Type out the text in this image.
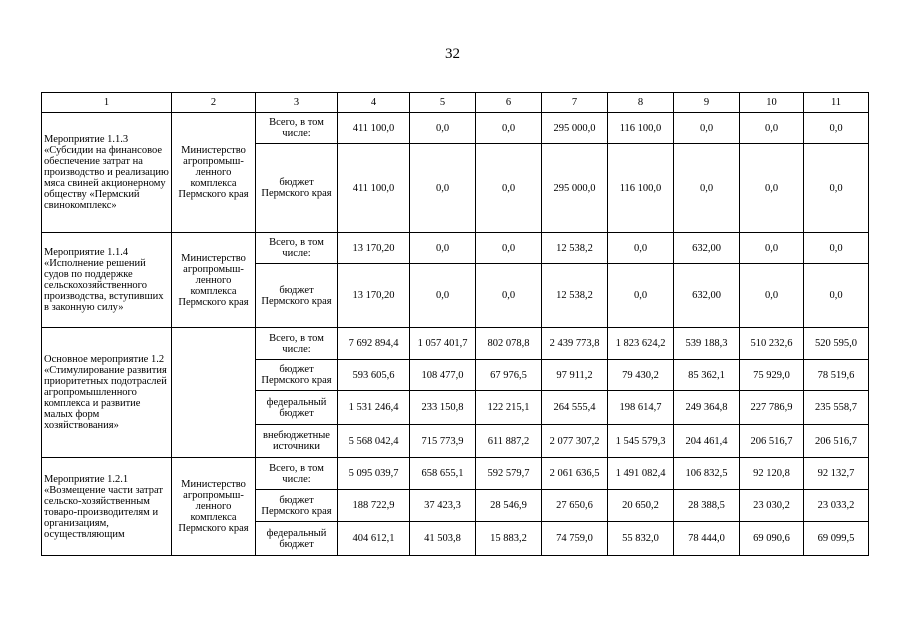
32
1	2	3	4	5	6	7	8	9	10	11
Мероприятие 1.1.3 «Субсидии на финансовое обеспечение затрат на производство и реализацию мяса свиней акционерному обществу «Пермский свинокомплекс»	Министерство агропромыш-ленного комплекса Пермского края	Всего, в том числе:	411 100,0	0,0	0,0	295 000,0	116 100,0	0,0	0,0	0,0
		бюджет Пермского края	411 100,0	0,0	0,0	295 000,0	116 100,0	0,0	0,0	0,0
Мероприятие 1.1.4 «Исполнение решений судов по поддержке сельскохозяйственного производства, вступивших в законную силу»	Министерство агропромыш-ленного комплекса Пермского края	Всего, в том числе:	13 170,20	0,0	0,0	12 538,2	0,0	632,00	0,0	0,0
		бюджет Пермского края	13 170,20	0,0	0,0	12 538,2	0,0	632,00	0,0	0,0
Основное мероприятие 1.2 «Стимулирование развития приоритетных подотраслей агропромышленного комплекса и развитие малых форм хозяйствования»		Всего, в том числе:	7 692 894,4	1 057 401,7	802 078,8	2 439 773,8	1 823 624,2	539 188,3	510 232,6	520 595,0
		бюджет Пермского края	593 605,6	108 477,0	67 976,5	97 911,2	79 430,2	85 362,1	75 929,0	78 519,6
		федеральный бюджет	1 531 246,4	233 150,8	122 215,1	264 555,4	198 614,7	249 364,8	227 786,9	235 558,7
		внебюджетные источники	5 568 042,4	715 773,9	611 887,2	2 077 307,2	1 545 579,3	204 461,4	206 516,7	206 516,7
Мероприятие 1.2.1 «Возмещение части затрат сельско-хозяйственным товаро-производителям и организациям, осуществляющим	Министерство агропромыш-ленного комплекса Пермского края	Всего, в том числе:	5 095 039,7	658 655,1	592 579,7	2 061 636,5	1 491 082,4	106 832,5	92 120,8	92 132,7
		бюджет Пермского края	188 722,9	37 423,3	28 546,9	27 650,6	20 650,2	28 388,5	23 030,2	23 033,2
		федеральный бюджет	404 612,1	41 503,8	15 883,2	74 759,0	55 832,0	78 444,0	69 090,6	69 099,5
